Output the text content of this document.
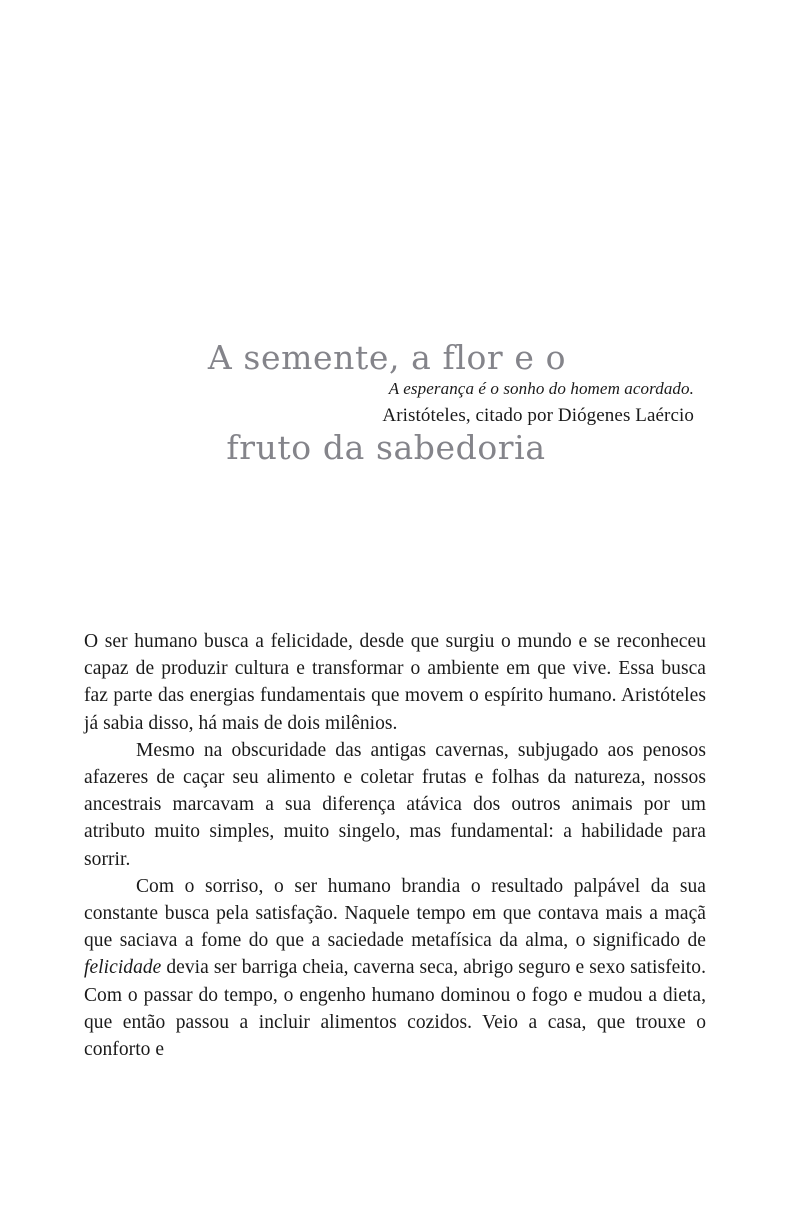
A semente, a flor e o

fruto da sabedoria

A esperança é o sonho do homem acordado.
Aristóteles, citado por Diógenes Laércio

O ser humano busca a felicidade, desde que surgiu o mundo e se reconheceu capaz de produzir cultura e transformar o ambiente em que vive. Essa busca faz parte das energias fundamentais que movem o espírito humano. Aristóteles já sabia disso, há mais de dois milênios.

Mesmo na obscuridade das antigas cavernas, subjugado aos penosos afazeres de caçar seu alimento e coletar frutas e folhas da natureza, nossos ancestrais marcavam a sua diferença atávica dos outros animais por um atributo muito simples, muito singelo, mas fundamental: a habilidade para sorrir.

Com o sorriso, o ser humano brandia o resultado palpável da sua constante busca pela satisfação. Naquele tempo em que contava mais a maçã que saciava a fome do que a saciedade metafísica da alma, o significado de felicidade devia ser barriga cheia, caverna seca, abrigo seguro e sexo satisfeito. Com o passar do tempo, o engenho humano dominou o fogo e mudou a dieta, que então passou a incluir alimentos cozidos. Veio a casa, que trouxe o conforto e
